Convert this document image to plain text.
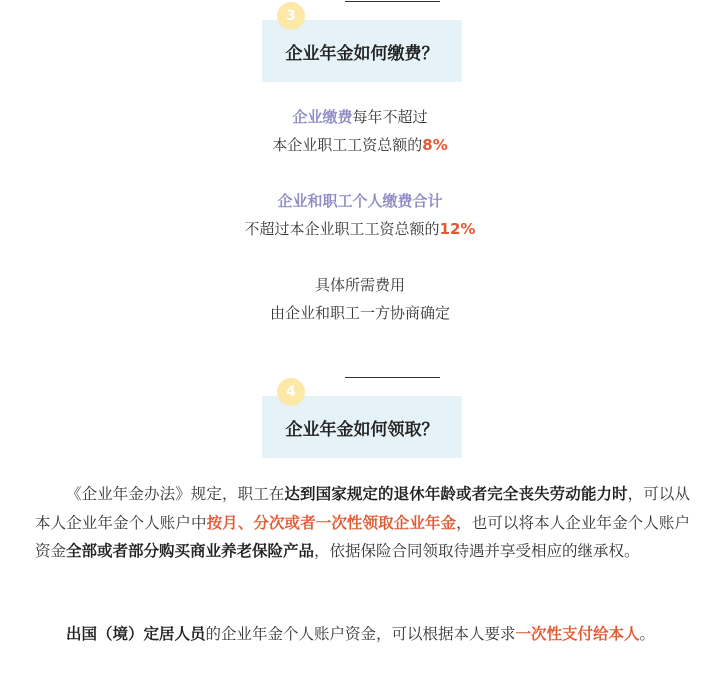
3
企业年金如何缴费？
企业缴费每年不超过
本企业职工工资总额的8%
企业和职工个人缴费合计
不超过本企业职工工资总额的12%
具体所需费用
由企业和职工一方协商确定
4
企业年金如何领取？
《企业年金办法》规定，职工在达到国家规定的退休年龄或者完全丧失劳动能力时，可以从本人企业年金个人账户中按月、分次或者一次性领取企业年金，也可以将本人企业年金个人账户资金全部或者部分购买商业养老保险产品，依据保险合同领取待遇并享受相应的继承权。
出国（境）定居人员的企业年金个人账户资金，可以根据本人要求一次性支付给本人。
